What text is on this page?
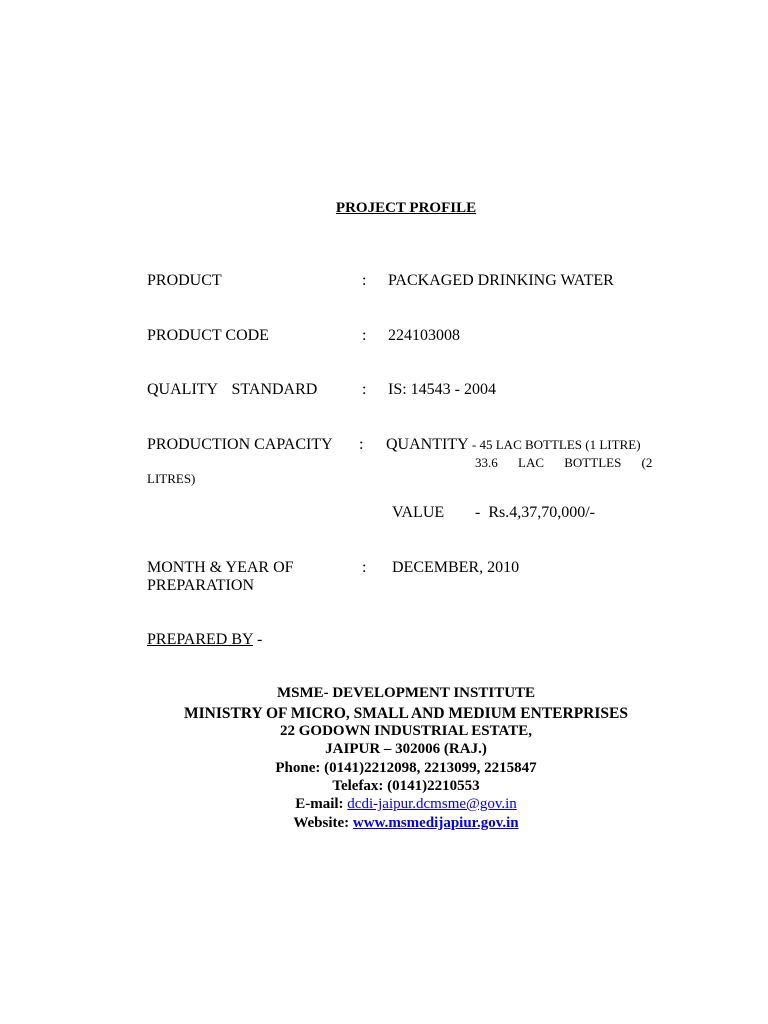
PROJECT PROFILE
PRODUCT	: PACKAGED DRINKING WATER
PRODUCT CODE	: 224103008
QUALITY STANDARD	: IS: 14543 - 2004
PRODUCTION CAPACITY : QUANTITY - 45 LAC BOTTLES (1 LITRE)
33.6 LAC BOTTLES (2
LITRES)
VALUE - Rs.4,37,70,000/-
MONTH & YEAR OF
PREPARATION
: DECEMBER, 2010
PREPARED BY -
MSME- DEVELOPMENT INSTITUTE
MINISTRY OF MICRO, SMALL AND MEDIUM ENTERPRISES
22 GODOWN INDUSTRIAL ESTATE,
JAIPUR – 302006 (RAJ.)
Phone: (0141)2212098, 2213099, 2215847
Telefax: (0141)2210553
E-mail: dcdi-jaipur.dcmsme@gov.in
Website: www.msmedijapiur.gov.in
